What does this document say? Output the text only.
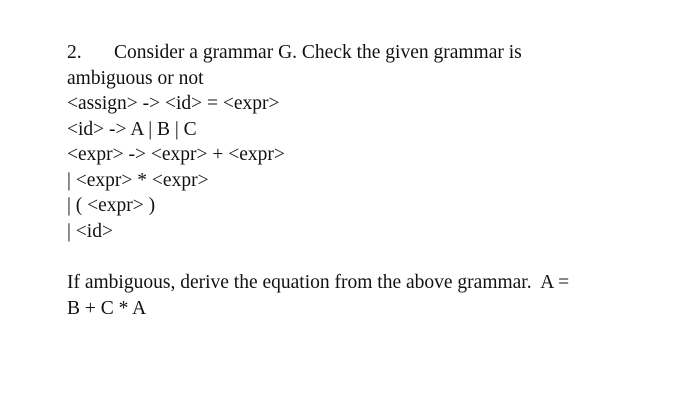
2. Consider a grammar G. Check the given grammar is
ambiguous or not
<assign> -> <id> = <expr>
<id> -> A | B | C
<expr> -> <expr> + <expr>
| <expr> * <expr>
| ( <expr> )
| <id>
If ambiguous, derive the equation from the above grammar.  A =
B + C * A
